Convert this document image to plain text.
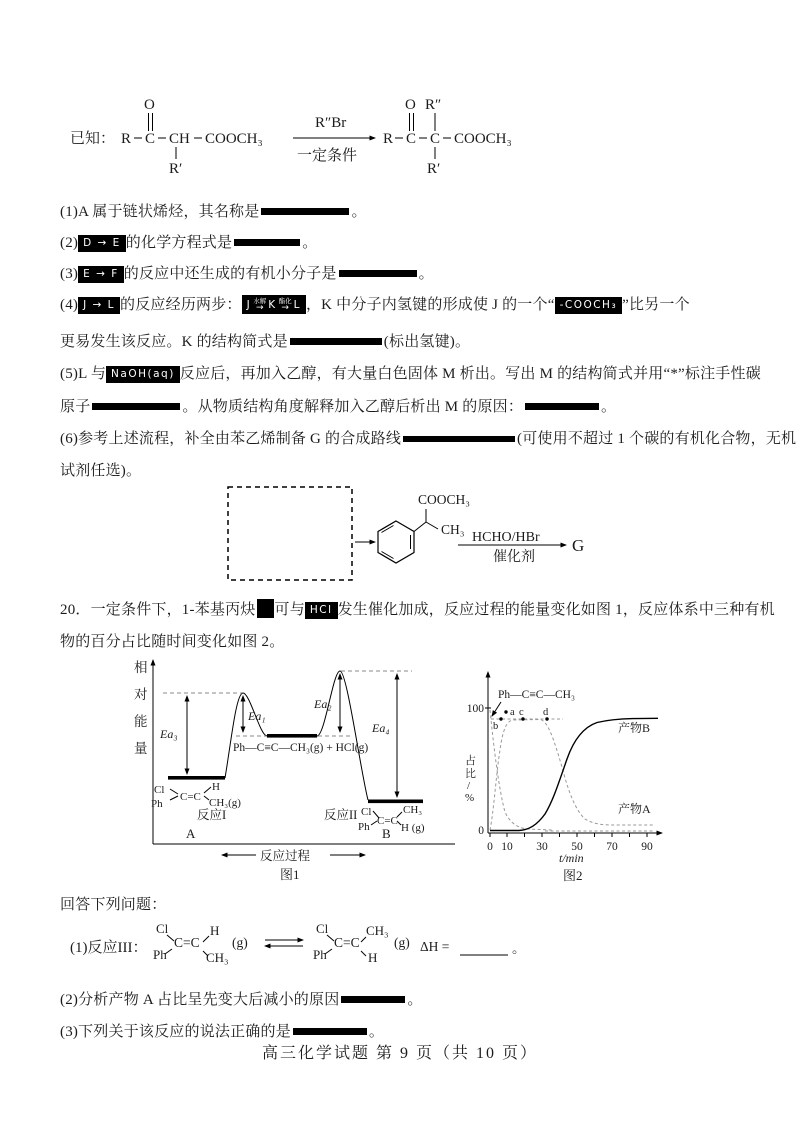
已知： R C
O
CH
R′
COOCH₃
R″Br
一定条件
R C
O
C
R″
R′
COOCH₃
(1)A 属于链状烯烃，其名称是	。
(2) D → E 的化学方程式是	。
(3) E → F 的反应中还生成的有机小分子是	。
(4) J → L 的反应经历两步： J 水解
→ K 酯化
→ L ，K 中分子内氢键的形成使 J 的一个“ -COOCH₃ ”比另一个
更易发生该反应。K 的结构简式是	(标出氢键)。
(5)L 与 NaOH(aq) 反应后，再加入乙醇，有大量白色固体 M 析出。写出 M 的结构简式并用“*”标注手性碳
原子	。从物质结构角度解释加入乙醇后析出 M 的原因：	。
(6)参考上述流程，补全由苯乙烯制备 G 的合成路线	(可使用不超过 1 个碳的有机化合物，无机
试剂任选)。
COOCH₃
CH₃
HCHO/HBr
催化剂
G
20．一定条件下，1-苯基丙炔 可与 HCl 发生催化加成，反应过程的能量变化如图 1，反应体系中三种有机
物的百分占比随时间变化如图 2。
相
对
能
量
Ea₃
Ea₁
Ea₂
Ea₄
Ph—C≡C—CH₃(g) + HCl(g)
Cl	H
C=C
Ph	CH₃(g)
反应I
A
Cl	CH₃
C=C
Ph	H (g)
反应II
B
反应过程
图1
100
0
占
比
/
%
0 10 30 50 70 90
a
b
c d
Ph—C≡C—CH₃
产物B
产物A
t/min
图2
回答下列问题：
(1)反应III：
Cl	H
C=C
Ph	CH₃
(g)
Cl	CH₃
C=C
Ph	H
(g) ΔH =	。
(2)分析产物 A 占比呈先变大后减小的原因	。
(3)下列关于该反应的说法正确的是	。
高三化学试题 第 9 页（共 10 页）
